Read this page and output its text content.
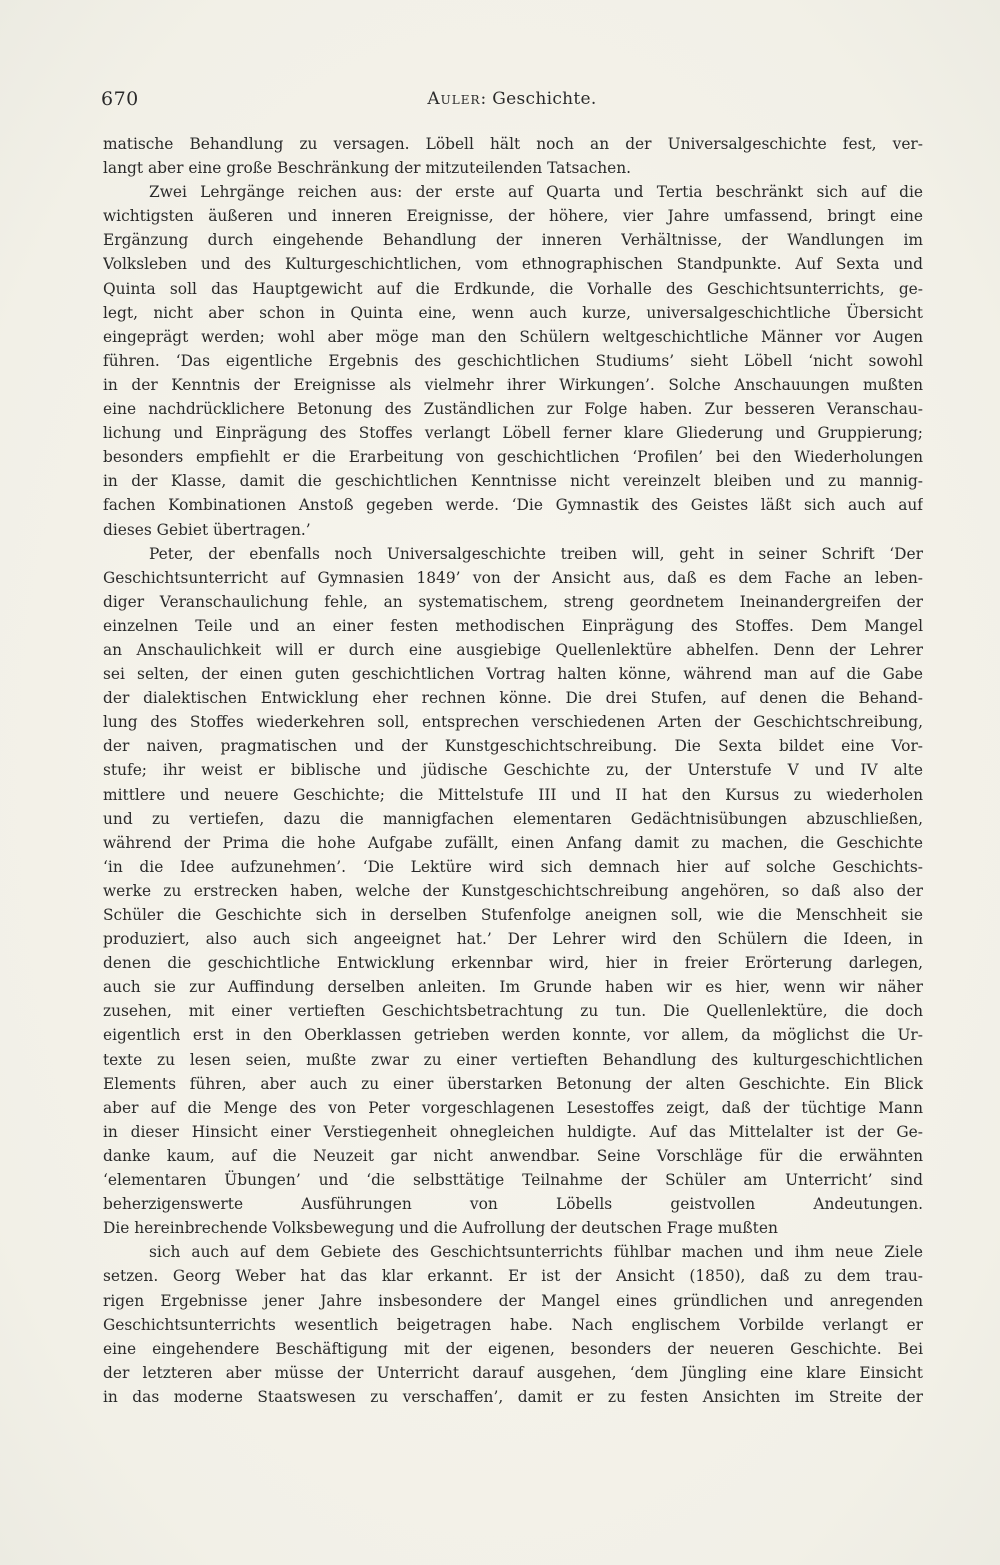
670	Auler: Geschichte.
matische Behandlung zu versagen. Löbell hält noch an der Universalgeschichte fest, ver-
langt aber eine große Beschränkung der mitzuteilenden Tatsachen.
Zwei Lehrgänge reichen aus: der erste auf Quarta und Tertia beschränkt sich auf die
wichtigsten äußeren und inneren Ereignisse, der höhere, vier Jahre umfassend, bringt eine
Ergänzung durch eingehende Behandlung der inneren Verhältnisse, der Wandlungen im
Volksleben und des Kulturgeschichtlichen, vom ethnographischen Standpunkte. Auf Sexta und
Quinta soll das Hauptgewicht auf die Erdkunde, die Vorhalle des Geschichtsunterrichts, ge-
legt, nicht aber schon in Quinta eine, wenn auch kurze, universalgeschichtliche Übersicht
eingeprägt werden; wohl aber möge man den Schülern weltgeschichtliche Männer vor Augen
führen. ‘Das eigentliche Ergebnis des geschichtlichen Studiums’ sieht Löbell ‘nicht sowohl
in der Kenntnis der Ereignisse als vielmehr ihrer Wirkungen’. Solche Anschauungen mußten
eine nachdrücklichere Betonung des Zuständlichen zur Folge haben. Zur besseren Veranschau-
lichung und Einprägung des Stoffes verlangt Löbell ferner klare Gliederung und Gruppierung;
besonders empfiehlt er die Erarbeitung von geschichtlichen ‘Profilen’ bei den Wiederholungen
in der Klasse, damit die geschichtlichen Kenntnisse nicht vereinzelt bleiben und zu mannig-
fachen Kombinationen Anstoß gegeben werde. ‘Die Gymnastik des Geistes läßt sich auch auf
dieses Gebiet übertragen.’
Peter, der ebenfalls noch Universalgeschichte treiben will, geht in seiner Schrift ‘Der
Geschichtsunterricht auf Gymnasien 1849’ von der Ansicht aus, daß es dem Fache an leben-
diger Veranschaulichung fehle, an systematischem, streng geordnetem Ineinandergreifen der
einzelnen Teile und an einer festen methodischen Einprägung des Stoffes. Dem Mangel
an Anschaulichkeit will er durch eine ausgiebige Quellenlektüre abhelfen. Denn der Lehrer
sei selten, der einen guten geschichtlichen Vortrag halten könne, während man auf die Gabe
der dialektischen Entwicklung eher rechnen könne. Die drei Stufen, auf denen die Behand-
lung des Stoffes wiederkehren soll, entsprechen verschiedenen Arten der Geschichtschreibung,
der naiven, pragmatischen und der Kunstgeschichtschreibung. Die Sexta bildet eine Vor-
stufe; ihr weist er biblische und jüdische Geschichte zu, der Unterstufe V und IV alte
mittlere und neuere Geschichte; die Mittelstufe III und II hat den Kursus zu wiederholen
und zu vertiefen, dazu die mannigfachen elementaren Gedächtnisübungen abzuschließen,
während der Prima die hohe Aufgabe zufällt, einen Anfang damit zu machen, die Geschichte
‘in die Idee aufzunehmen’. ‘Die Lektüre wird sich demnach hier auf solche Geschichts-
werke zu erstrecken haben, welche der Kunstgeschichtschreibung angehören, so daß also der
Schüler die Geschichte sich in derselben Stufenfolge aneignen soll, wie die Menschheit sie
produziert, also auch sich angeeignet hat.’ Der Lehrer wird den Schülern die Ideen, in
denen die geschichtliche Entwicklung erkennbar wird, hier in freier Erörterung darlegen,
auch sie zur Auffindung derselben anleiten. Im Grunde haben wir es hier, wenn wir näher
zusehen, mit einer vertieften Geschichtsbetrachtung zu tun. Die Quellenlektüre, die doch
eigentlich erst in den Oberklassen getrieben werden konnte, vor allem, da möglichst die Ur-
texte zu lesen seien, mußte zwar zu einer vertieften Behandlung des kulturgeschichtlichen
Elements führen, aber auch zu einer überstarken Betonung der alten Geschichte. Ein Blick
aber auf die Menge des von Peter vorgeschlagenen Lesestoffes zeigt, daß der tüchtige Mann
in dieser Hinsicht einer Verstiegenheit ohnegleichen huldigte. Auf das Mittelalter ist der Ge-
danke kaum, auf die Neuzeit gar nicht anwendbar. Seine Vorschläge für die erwähnten
‘elementaren Übungen’ und ‘die selbsttätige Teilnahme der Schüler am Unterricht’ sind
beherzigenswerte Ausführungen von Löbells geistvollen Andeutungen.
Die hereinbrechende Volksbewegung und die Aufrollung der deutschen Frage mußten
sich auch auf dem Gebiete des Geschichtsunterrichts fühlbar machen und ihm neue Ziele
setzen. Georg Weber hat das klar erkannt. Er ist der Ansicht (1850), daß zu dem trau-
rigen Ergebnisse jener Jahre insbesondere der Mangel eines gründlichen und anregenden
Geschichtsunterrichts wesentlich beigetragen habe. Nach englischem Vorbilde verlangt er
eine eingehendere Beschäftigung mit der eigenen, besonders der neueren Geschichte. Bei
der letzteren aber müsse der Unterricht darauf ausgehen, ‘dem Jüngling eine klare Einsicht
in das moderne Staatswesen zu verschaffen’, damit er zu festen Ansichten im Streite der
